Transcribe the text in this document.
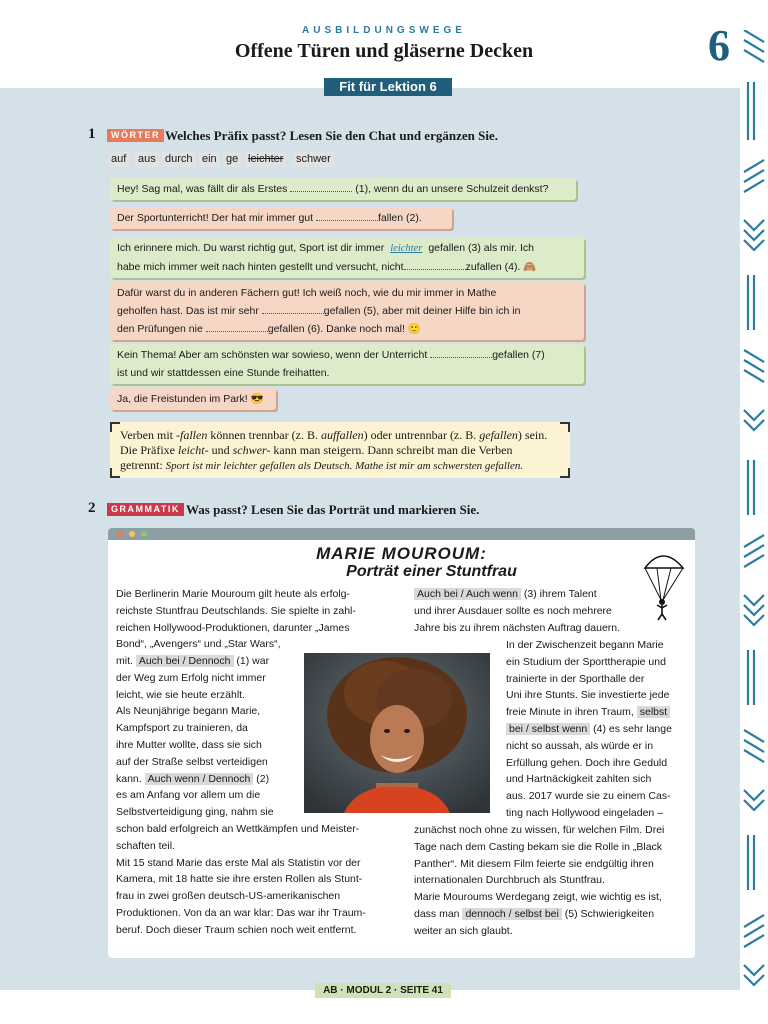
AUSBILDUNGSWEGE
Offene Türen und gläserne Decken	6
Fit für Lektion 6
1	WÖRTER Welches Präfix passt? Lesen Sie den Chat und ergänzen Sie.
auf aus durch ein ge leichter schwer
Hey! Sag mal, was fällt dir als Erstes	(1), wenn du an unsere Schulzeit denkst?
Der Sportunterricht! Der hat mir immer gut	fallen (2).
Ich erinnere mich. Du warst richtig gut, Sport ist dir immer leichter gefallen (3) als mir. Ich
habe mich immer weit nach hinten gestellt und versucht, nicht	zufallen (4). 🙈
Dafür warst du in anderen Fächern gut! Ich weiß noch, wie du mir immer in Mathe
geholfen hast. Das ist mir sehr	gefallen (5), aber mit deiner Hilfe bin ich in
den Prüfungen nie	gefallen (6). Danke noch mal! 🙂
Kein Thema! Aber am schönsten war sowieso, wenn der Unterricht	gefallen (7)
ist und wir stattdessen eine Stunde freihatten.
Ja, die Freistunden im Park! 😎
Verben mit -fallen können trennbar (z. B. auffallen) oder untrennbar (z. B. gefallen) sein.
Die Präfixe leicht- und schwer- kann man steigern. Dann schreibt man die Verben
getrennt: Sport ist mir leichter gefallen als Deutsch. Mathe ist mir am schwersten gefallen.
2	GRAMMATIK Was passt? Lesen Sie das Porträt und markieren Sie.
MARIE MOUROUM:
Porträt einer Stuntfrau
Die Berlinerin Marie Mouroum gilt heute als erfolg-
reichste Stuntfrau Deutschlands. Sie spielte in zahl-
reichen Hollywood-Produktionen, darunter „James
Bond“, „Avengers“ und „Star Wars“,
mit. Auch bei / Dennoch (1) war
der Weg zum Erfolg nicht immer
leicht, wie sie heute erzählt.
Als Neunjährige begann Marie,
Kampfsport zu trainieren, da
ihre Mutter wollte, dass sie sich
auf der Straße selbst verteidigen
kann. Auch wenn / Dennoch (2)
es am Anfang vor allem um die
Selbstverteidigung ging, nahm sie
schon bald erfolgreich an Wettkämpfen und Meister-
schaften teil.
Mit 15 stand Marie das erste Mal als Statistin vor der
Kamera, mit 18 hatte sie ihre ersten Rollen als Stunt-
frau in zwei großen deutsch-US-amerikanischen
Produktionen. Von da an war klar: Das war ihr Traum-
beruf. Doch dieser Traum schien noch weit entfernt.
Auch bei / Auch wenn (3) ihrem Talent
und ihrer Ausdauer sollte es noch mehrere
Jahre bis zu ihrem nächsten Auftrag dauern.
In der Zwischenzeit begann Marie
ein Studium der Sporttherapie und
trainierte in der Sporthalle der
Uni ihre Stunts. Sie investierte jede
freie Minute in ihren Traum, selbst
bei / selbst wenn (4) es sehr lange
nicht so aussah, als würde er in
Erfüllung gehen. Doch ihre Geduld
und Hartnäckigkeit zahlten sich
aus. 2017 wurde sie zu einem Cas-
ting nach Hollywood eingeladen –
zunächst noch ohne zu wissen, für welchen Film. Drei
Tage nach dem Casting bekam sie die Rolle in „Black
Panther“. Mit diesem Film feierte sie endgültig ihren
internationalen Durchbruch als Stuntfrau.
Marie Mouroums Werdegang zeigt, wie wichtig es ist,
dass man dennoch / selbst bei (5) Schwierigkeiten
weiter an sich glaubt.
AB · MODUL 2 · SEITE 41
